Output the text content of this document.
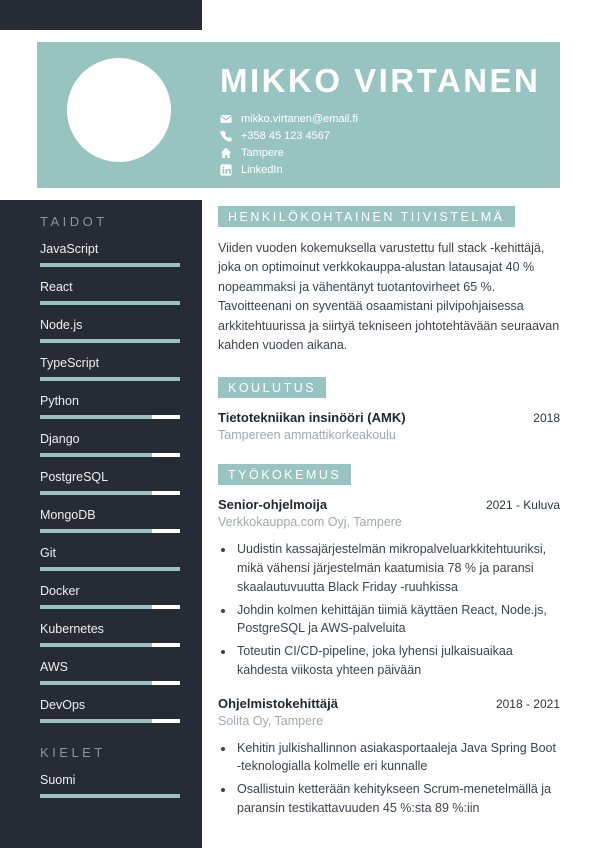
MIKKO VIRTANEN
mikko.virtanen@email.fi
+358 45 123 4567
Tampere
LinkedIn
TAIDOT
JavaScript
React
Node.js
TypeScript
Python
Django
PostgreSQL
MongoDB
Git
Docker
Kubernetes
AWS
DevOps
KIELET
Suomi
HENKILÖKOHTAINEN TIIVISTELMÄ

Viiden vuoden kokemuksella varustettu full stack -kehittäjä, joka on optimoinut verkkokauppa-alustan latausajat 40 % nopeammaksi ja vähentänyt tuotantovirheet 65 %. Tavoitteenani on syventää osaamistani pilvipohjaisessa arkkitehtuurissa ja siirtyä tekniseen johtotehtävään seuraavan kahden vuoden aikana.

KOULUTUS
Tietotekniikan insinööri (AMK)	2018
Tampereen ammattikorkeakoulu
TYÖKOKEMUS
Senior-ohjelmoija	2021 - Kuluva
Verkkokauppa.com Oyj, Tampere
• Uudistin kassajärjestelmän mikropalveluarkkitehtuuriksi, mikä vähensi järjestelmän kaatumisia 78 % ja paransi skaalautuvuutta Black Friday -ruuhkissa
• Johdin kolmen kehittäjän tiimiä käyttäen React, Node.js, PostgreSQL ja AWS-palveluita
• Toteutin CI/CD-pipeline, joka lyhensi julkaisuaikaa kahdesta viikosta yhteen päivään
Ohjelmistokehittäjä	2018 - 2021
Solita Oy, Tampere
• Kehitin julkishallinnon asiakasportaaleja Java Spring Boot -teknologialla kolmelle eri kunnalle
• Osallistuin ketterään kehitykseen Scrum-menetelmällä ja paransin testikattavuuden 45 %:sta 89 %:iin
